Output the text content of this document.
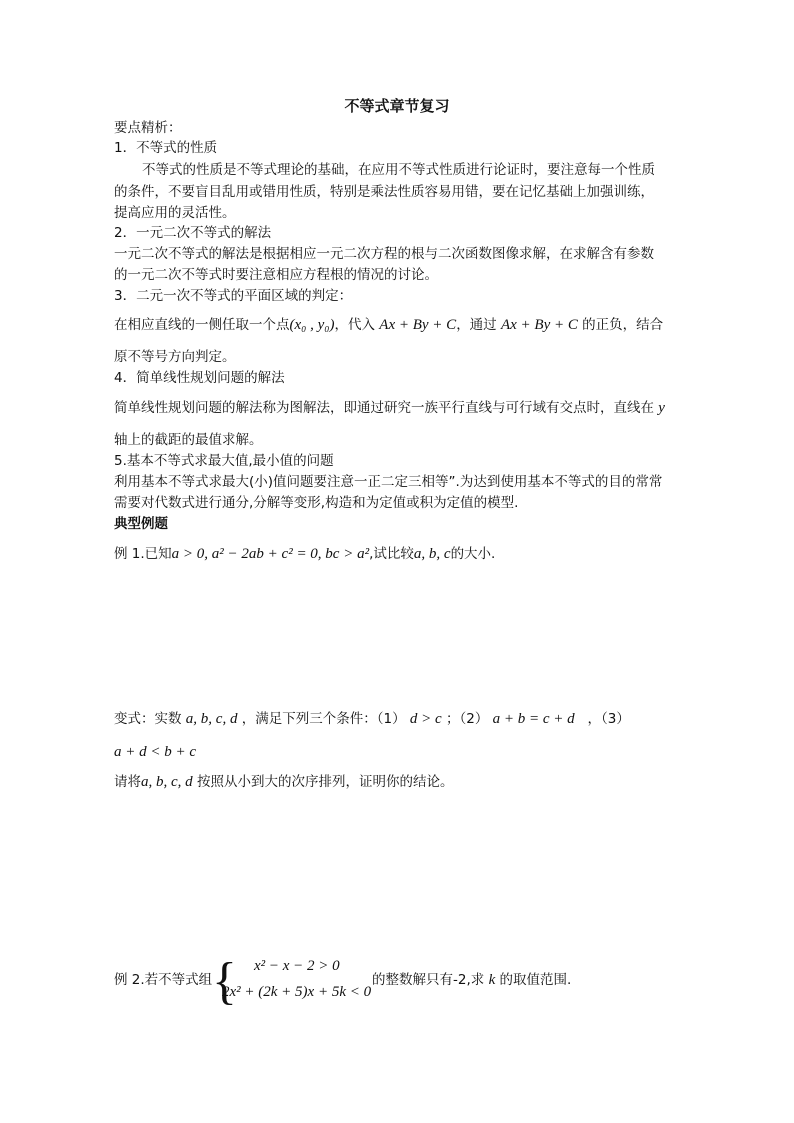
不等式章节复习
要点精析：
1．不等式的性质
不等式的性质是不等式理论的基础，在应用不等式性质进行论证时，要注意每一个性质
的条件，不要盲目乱用或错用性质，特别是乘法性质容易用错，要在记忆基础上加强训练，
提高应用的灵活性。
2．一元二次不等式的解法
一元二次不等式的解法是根据相应一元二次方程的根与二次函数图像求解，在求解含有参数
的一元二次不等式时要注意相应方程根的情况的讨论。
3．二元一次不等式的平面区域的判定：
在相应直线的一侧任取一个点(x₀ , y₀)，代入 Ax + By + C，通过 Ax + By + C 的正负，结合
原不等号方向判定。
4．简单线性规划问题的解法
简单线性规划问题的解法称为图解法，即通过研究一族平行直线与可行域有交点时，直线在 y
轴上的截距的最值求解。
5.基本不等式求最大值,最小值的问题
利用基本不等式求最大(小)值问题要注意一正二定三相等”.为达到使用基本不等式的目的常常
需要对代数式进行通分,分解等变形,构造和为定值或积为定值的模型.
典型例题
例 1.已知a > 0, a² − 2ab + c² = 0, bc > a²,试比较a, b, c的大小.
变式：实数 a, b, c, d ，满足下列三个条件：（1） d > c ；（2） a + b = c + d ，（3）
a + d < b + c
请将a, b, c, d 按照从小到大的次序排列，证明你的结论。
例 2.若不等式组 { x² − x − 2 > 0
2x² + (2k + 5)x + 5k < 0
的整数解只有-2,求 k 的取值范围.
